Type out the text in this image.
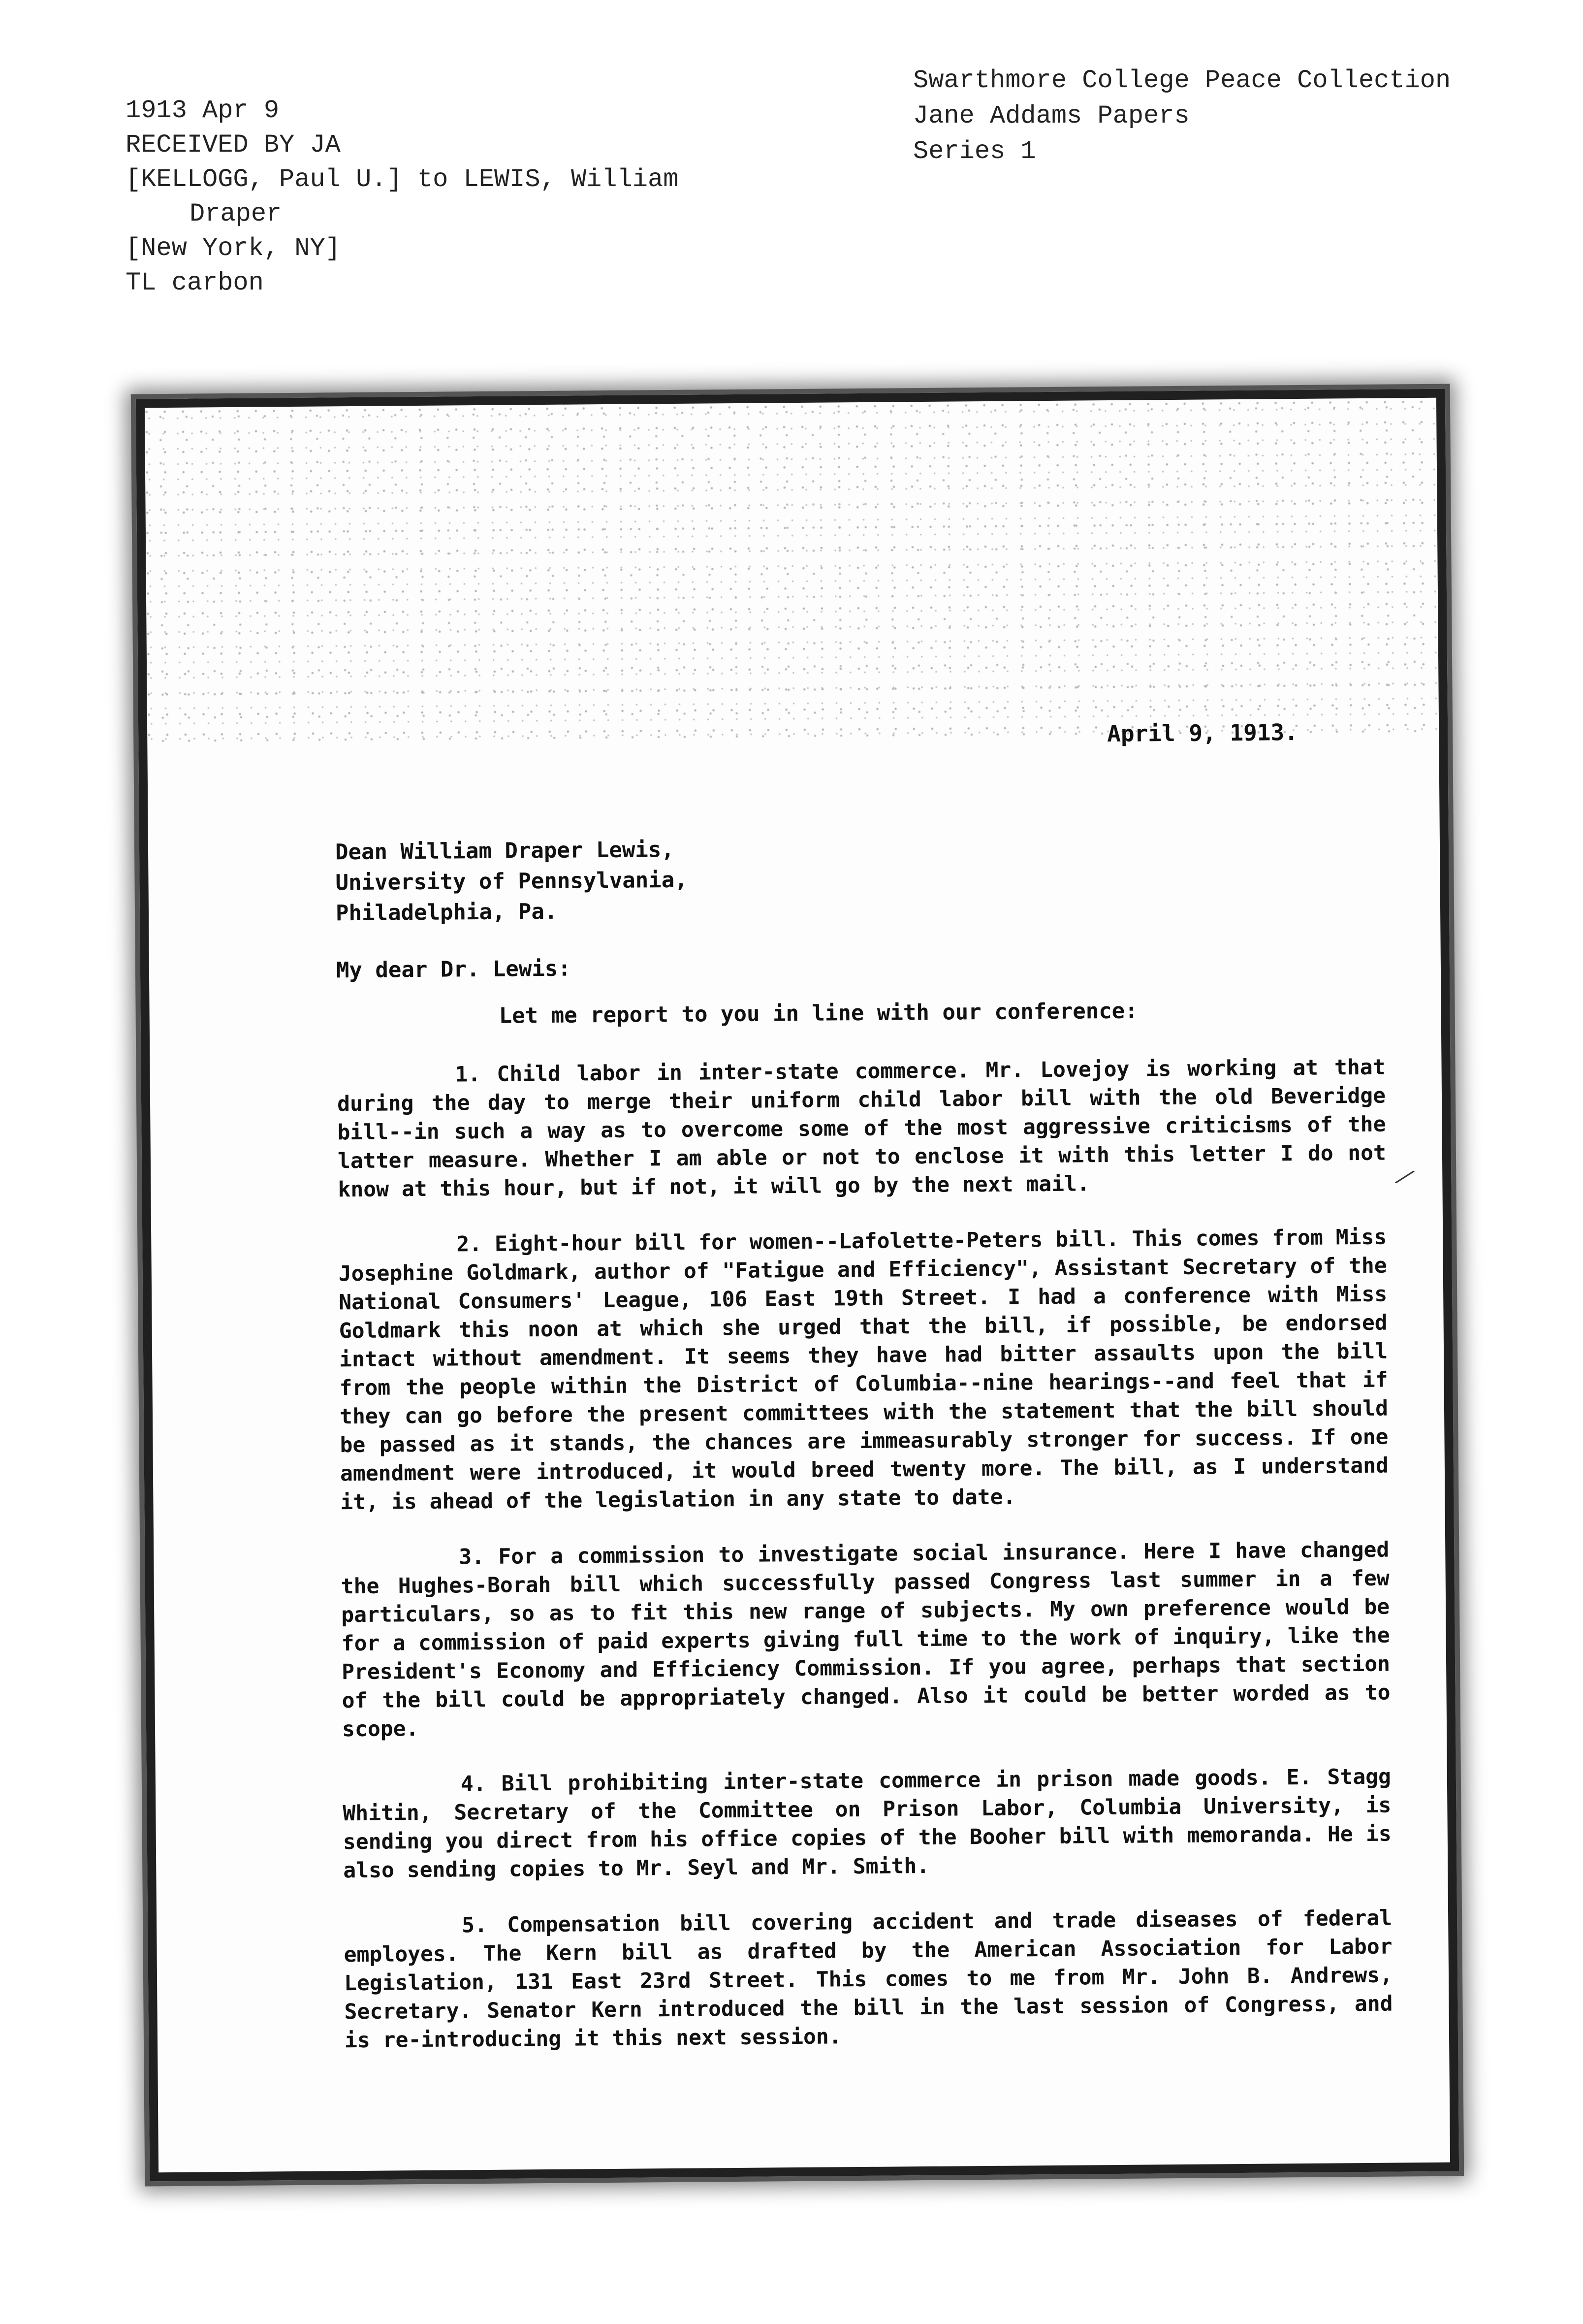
1913 Apr 9
RECEIVED BY JA
[KELLOGG, Paul U.] to LEWIS, William
Draper
[New York, NY]
TL carbon
Swarthmore College Peace Collection
Jane Addams Papers
Series 1
April 9, 1913.
Dean William Draper Lewis,
University of Pennsylvania,
Philadelphia, Pa.
My dear Dr. Lewis:
Let me report to you in line with our conference:

1. Child labor in inter-state commerce. Mr. Lovejoy is working at that during the day to merge their uniform child labor bill with the old Beveridge bill--in such a way as to overcome some of the most aggressive criticisms of the latter measure. Whether I am able or not to enclose it with this letter I do not know at this hour, but if not, it will go by the next mail.

2. Eight-hour bill for women--Lafolette-Peters bill. This comes from Miss Josephine Goldmark, author of "Fatigue and Efficiency", Assistant Secretary of the National Consumers' League, 106 East 19th Street. I had a conference with Miss Goldmark this noon at which she urged that the bill, if possible, be endorsed intact without amendment. It seems they have had bitter assaults upon the bill from the people within the District of Columbia--nine hearings--and feel that if they can go before the present committees with the statement that the bill should be passed as it stands, the chances are immeasurably stronger for success. If one amendment were introduced, it would breed twenty more. The bill, as I understand it, is ahead of the legislation in any state to date.

3. For a commission to investigate social insurance. Here I have changed the Hughes-Borah bill which successfully passed Congress last summer in a few particulars, so as to fit this new range of subjects. My own preference would be for a commission of paid experts giving full time to the work of inquiry, like the President's Economy and Efficiency Commission. If you agree, perhaps that section of the bill could be appropriately changed. Also it could be better worded as to scope.

4. Bill prohibiting inter-state commerce in prison made goods. E. Stagg Whitin, Secretary of the Committee on Prison Labor, Columbia University, is sending you direct from his office copies of the Booher bill with memoranda. He is also sending copies to Mr. Seyl and Mr. Smith.

5. Compensation bill covering accident and trade diseases of federal employes. The Kern bill as drafted by the American Association for Labor Legislation, 131 East 23rd Street. This comes to me from Mr. John B. Andrews, Secretary. Senator Kern introduced the bill in the last session of Congress, and is re-introducing it this next session.

⁄
